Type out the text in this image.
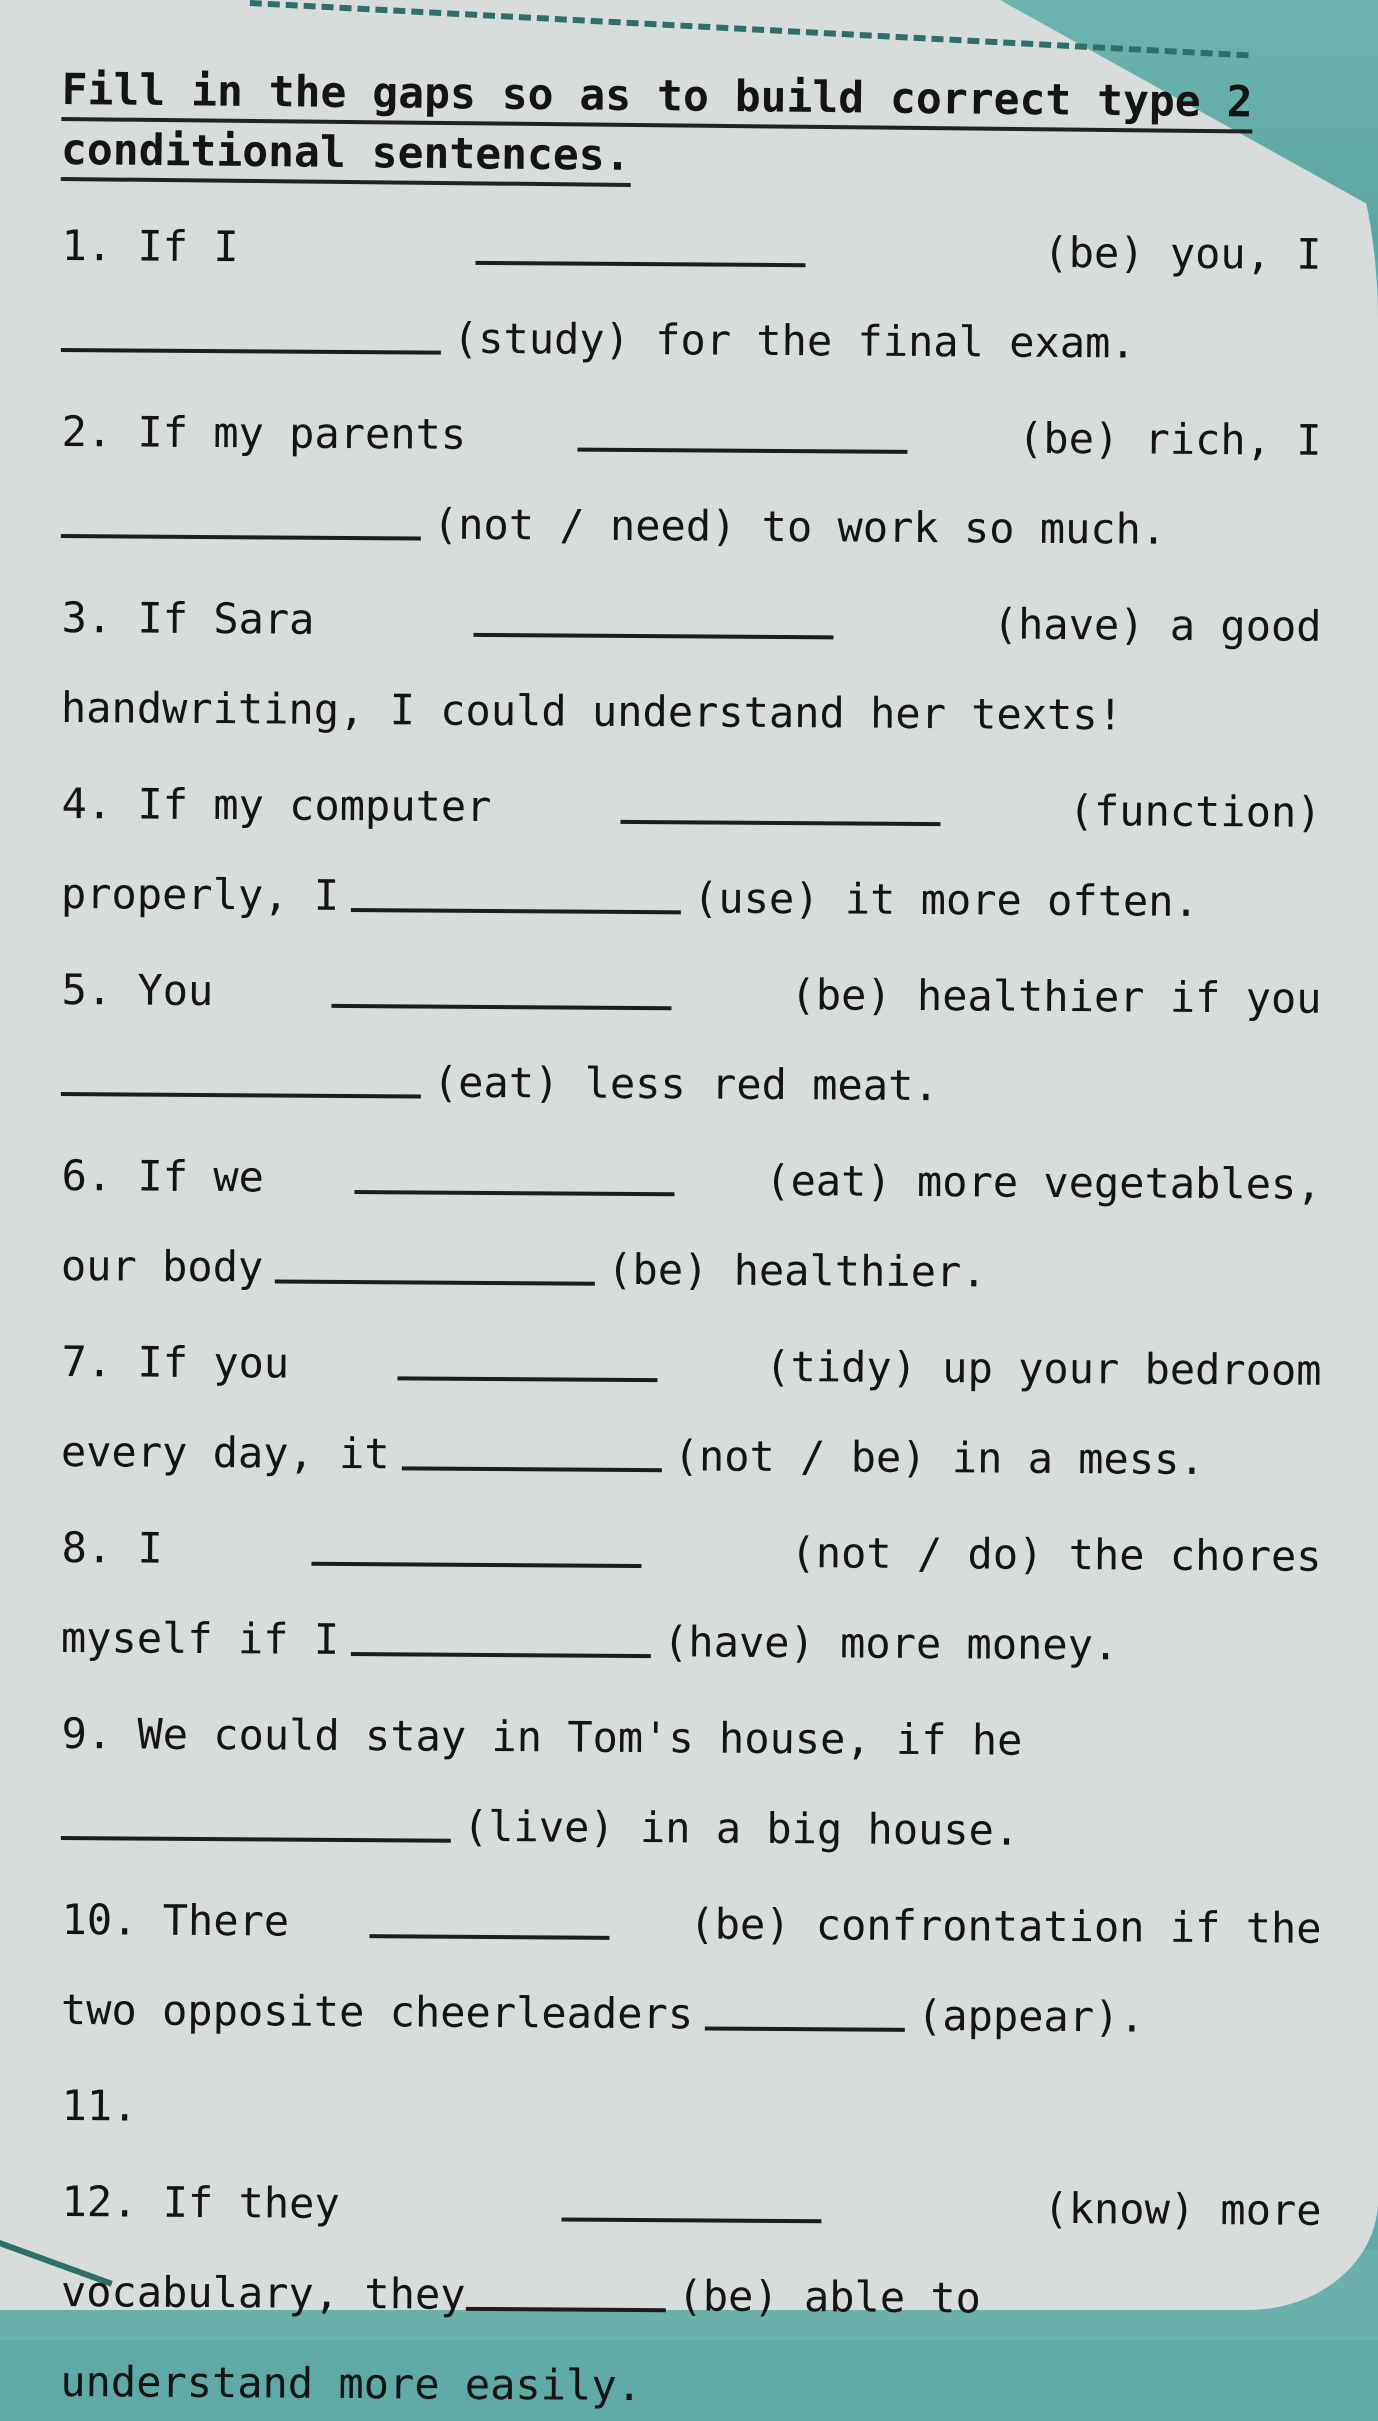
Fill in the gaps so as to build correct type 2
conditional sentences.
1. If I	(be) you, I
(study) for the final exam.
2. If my parents	(be) rich, I
(not / need) to work so much.
3. If Sara	(have) a good
handwriting, I could understand her texts!
4. If my computer	(function)
properly, I	(use) it more often.
5. You	(be) healthier if you
(eat) less red meat.
6. If we	(eat) more vegetables,
our body	(be) healthier.
7. If you	(tidy) up your bedroom
every day, it	(not / be) in a mess.
8. I	(not / do) the chores
myself if I	(have) more money.
9. We could stay in Tom's house, if he
(live) in a big house.
10. There	(be) confrontation if the
two opposite cheerleaders	(appear).
11.
12. If they	(know) more
vocabulary, they	(be) able to
understand more easily.
